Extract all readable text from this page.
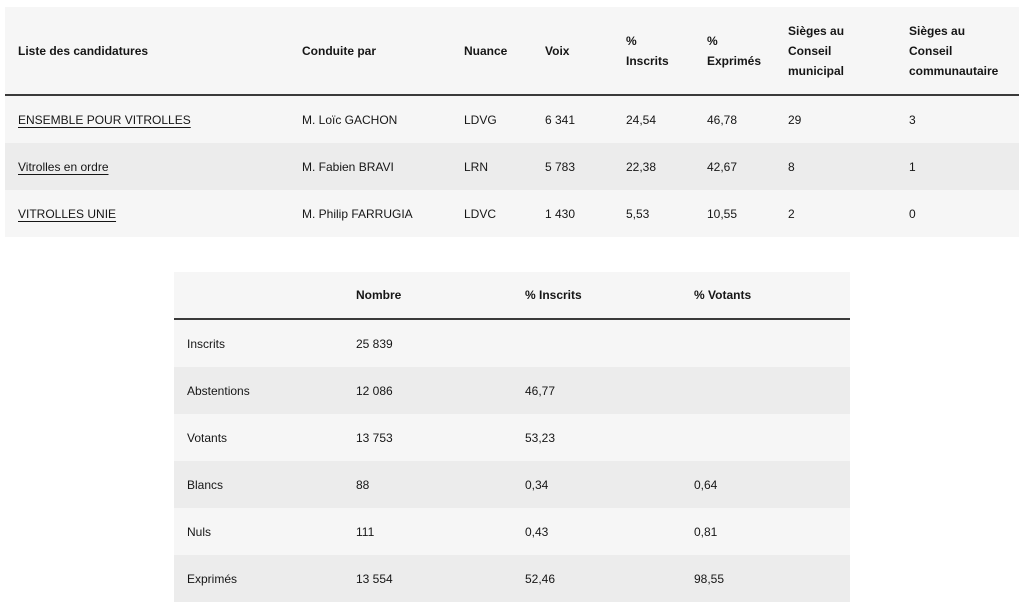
Liste des candidatures	Conduite par	Nuance	Voix	% Inscrits	% Exprimés	Sièges au Conseil municipal	Sièges au Conseil communautaire
ENSEMBLE POUR VITROLLES	M. Loïc GACHON	LDVG	6 341	24,54	46,78	29	3
Vitrolles en ordre	M. Fabien BRAVI	LRN	5 783	22,38	42,67	8	1
VITROLLES UNIE	M. Philip FARRUGIA	LDVC	1 430	5,53	10,55	2	0
	Nombre	% Inscrits	% Votants
Inscrits	25 839		
Abstentions	12 086	46,77	
Votants	13 753	53,23	
Blancs	88	0,34	0,64
Nuls	111	0,43	0,81
Exprimés	13 554	52,46	98,55
